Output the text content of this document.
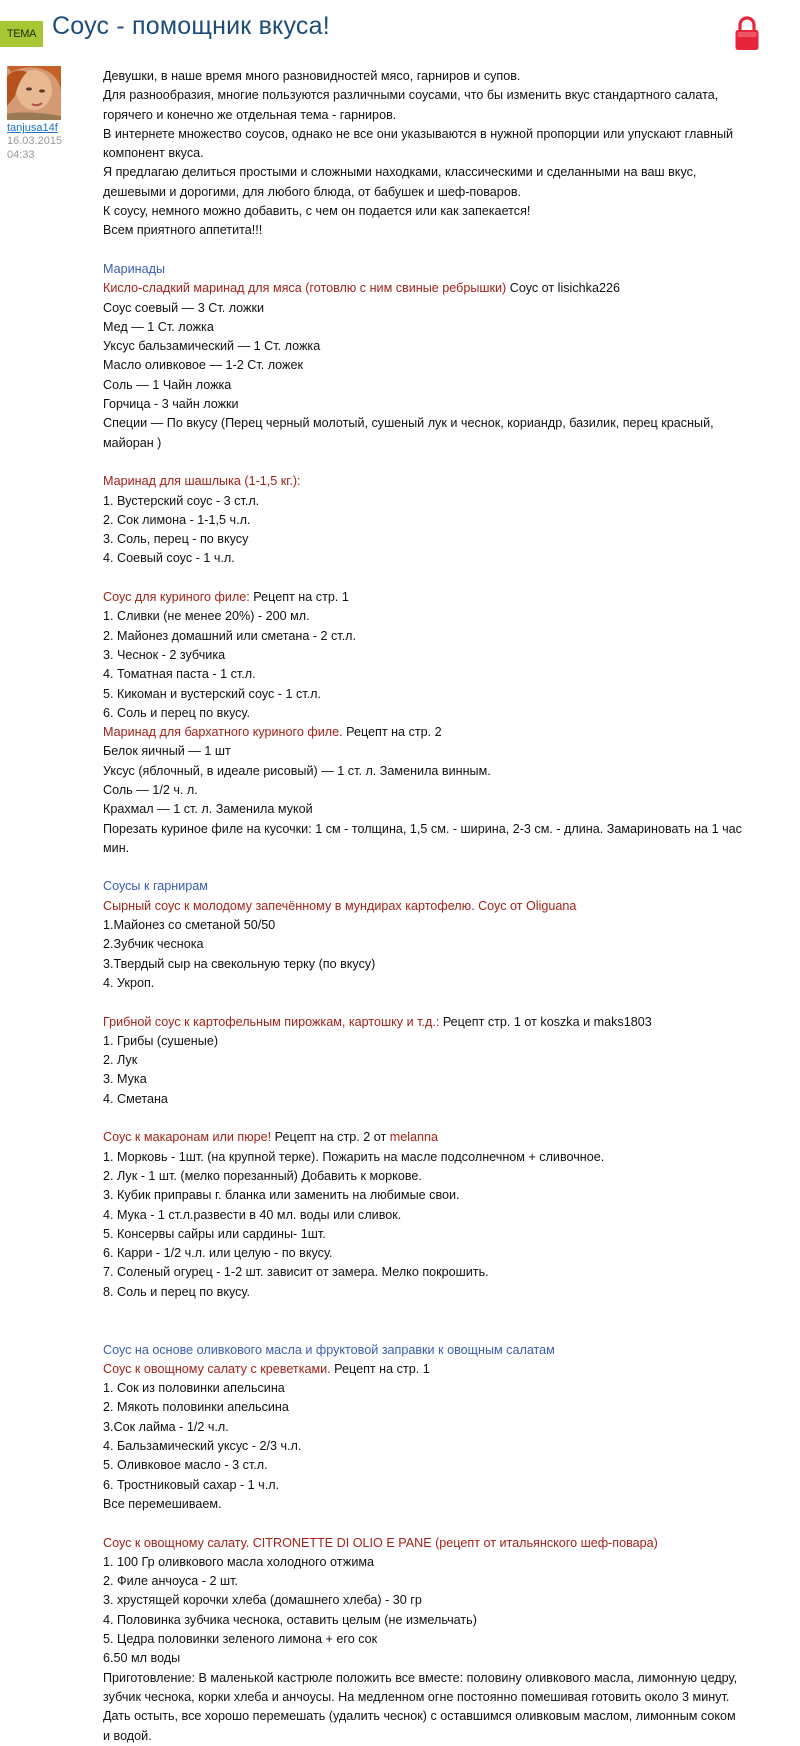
ТЕМА Соус - помощник вкуса!
tanjusa14f
16.03.2015
04:33
Девушки, в наше время много разновидностей мясо, гарниров и супов.
Для разнообразия, многие пользуются различными соусами, что бы изменить вкус стандартного салата,
горячего и конечно же отдельная тема - гарниров.
В интернете множество соусов, однако не все они указываются в нужной пропорции или упускают главный
компонент вкуса.
Я предлагаю делиться простыми и сложными находками, классическими и сделанными на ваш вкус,
дешевыми и дорогими, для любого блюда, от бабушек и шеф-поваров.
К соусу, немного можно добавить, с чем он подается или как запекается!
Всем приятного аппетита!!!
Маринады
Кисло-сладкий маринад для мяса (готовлю с ним свиные ребрышки) Соус от lisichka226
Соус соевый — 3 Ст. ложки
Мед — 1 Ст. ложка
Уксус бальзамический — 1 Ст. ложка
Масло оливковое — 1-2 Ст. ложек
Соль — 1 Чайн ложка
Горчица - 3 чайн ложки
Специи — По вкусу (Перец черный молотый, сушеный лук и чеснок, кориандр, базилик, перец красный,
майоран )
Маринад для шашлыка (1-1,5 кг.):
1. Вустерский соус - 3 ст.л.
2. Сок лимона - 1-1,5 ч.л.
3. Соль, перец - по вкусу
4. Соевый соус - 1 ч.л.
Соус для куриного филе: Рецепт на стр. 1
1. Сливки (не менее 20%) - 200 мл.
2. Майонез домашний или сметана - 2 ст.л.
3. Чеснок - 2 зубчика
4. Томатная паста - 1 ст.л.
5. Кикоман и вустерский соус - 1 ст.л.
6. Соль и перец по вкусу.
Маринад для бархатного куриного филе. Рецепт на стр. 2
Белок яичный — 1 шт
Уксус (яблочный, в идеале рисовый) — 1 ст. л. Заменила винным.
Соль — 1/2 ч. л.
Крахмал — 1 ст. л. Заменила мукой
Порезать куриное филе на кусочки: 1 см - толщина, 1,5 см. - ширина, 2-3 см. - длина. Замариновать на 1 час
мин.
Соусы к гарнирам
Сырный соус к молодому запечённому в мундирах картофелю. Соус от Oliguana
1.Майонез со сметаной 50/50
2.Зубчик чеснока
3.Твердый сыр на свекольную терку (по вкусу)
4. Укроп.
Грибной соус к картофельным пирожкам, картошку и т.д.: Рецепт стр. 1 от koszka и maks1803
1. Грибы (сушеные)
2. Лук
3. Мука
4. Сметана
Соус к макаронам или пюре! Рецепт на стр. 2 от melanna
1. Морковь - 1шт. (на крупной терке). Пожарить на масле подсолнечном + сливочное.
2. Лук - 1 шт. (мелко порезанный) Добавить к моркове.
3. Кубик приправы г. бланка или заменить на любимые свои.
4. Мука - 1 ст.л.развести в 40 мл. воды или сливок.
5. Консервы сайры или сардины- 1шт.
6. Карри - 1/2 ч.л. или целую - по вкусу.
7. Соленый огурец - 1-2 шт. зависит от замера. Мелко покрошить.
8. Соль и перец по вкусу.
Соус на основе оливкового масла и фруктовой заправки к овощным салатам
Соус к овощному салату с креветками. Рецепт на стр. 1
1. Сок из половинки апельсина
2. Мякоть половинки апельсина
3.Сок лайма - 1/2 ч.л.
4. Бальзамический уксус - 2/3 ч.л.
5. Оливковое масло - 3 ст.л.
6. Тростниковый сахар - 1 ч.л.
Все перемешиваем.
Соус к овощному салату. CITRONETTE DI OLIO E PANE (рецепт от итальянского шеф-повара)
1. 100 Гр оливкового масла холодного отжима
2. Филе анчоуса - 2 шт.
3. хрустящей корочки хлеба (домашнего хлеба) - 30 гр
4. Половинка зубчика чеснока, оставить целым (не измельчать)
5. Цедра половинки зеленого лимона + его сок
6.50 мл воды
Приготовление: В маленькой кастрюле положить все вместе: половину оливкового масла, лимонную цедру,
зубчик чеснока, корки хлеба и анчоусы. На медленном огне постоянно помешивая готовить около 3 минут.
Дать остыть, все хорошо перемешать (удалить чеснок) с оставшимся оливковым маслом, лимонным соком
и водой.
